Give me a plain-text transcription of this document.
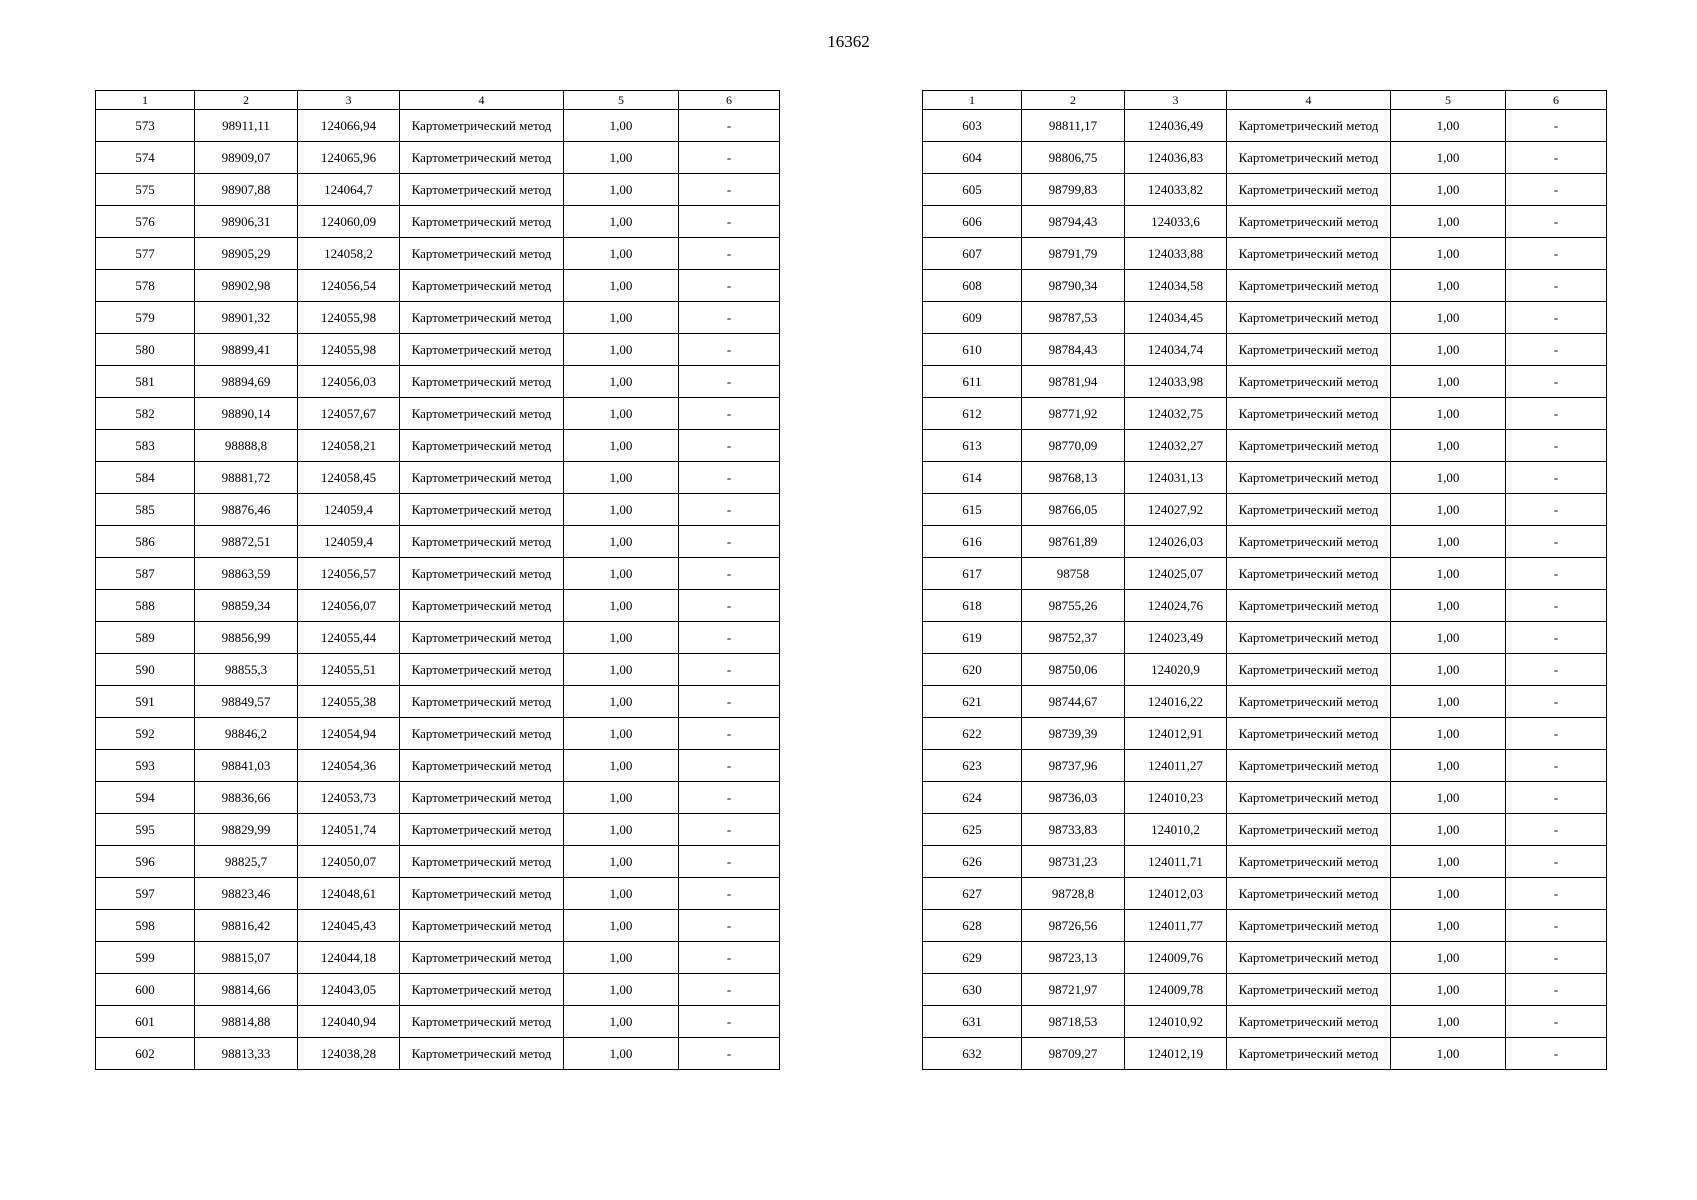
16362
1	2	3	4	5	6
573	98911,11	124066,94	Картометрический метод	1,00	-
574	98909,07	124065,96	Картометрический метод	1,00	-
575	98907,88	124064,7	Картометрический метод	1,00	-
576	98906,31	124060,09	Картометрический метод	1,00	-
577	98905,29	124058,2	Картометрический метод	1,00	-
578	98902,98	124056,54	Картометрический метод	1,00	-
579	98901,32	124055,98	Картометрический метод	1,00	-
580	98899,41	124055,98	Картометрический метод	1,00	-
581	98894,69	124056,03	Картометрический метод	1,00	-
582	98890,14	124057,67	Картометрический метод	1,00	-
583	98888,8	124058,21	Картометрический метод	1,00	-
584	98881,72	124058,45	Картометрический метод	1,00	-
585	98876,46	124059,4	Картометрический метод	1,00	-
586	98872,51	124059,4	Картометрический метод	1,00	-
587	98863,59	124056,57	Картометрический метод	1,00	-
588	98859,34	124056,07	Картометрический метод	1,00	-
589	98856,99	124055,44	Картометрический метод	1,00	-
590	98855,3	124055,51	Картометрический метод	1,00	-
591	98849,57	124055,38	Картометрический метод	1,00	-
592	98846,2	124054,94	Картометрический метод	1,00	-
593	98841,03	124054,36	Картометрический метод	1,00	-
594	98836,66	124053,73	Картометрический метод	1,00	-
595	98829,99	124051,74	Картометрический метод	1,00	-
596	98825,7	124050,07	Картометрический метод	1,00	-
597	98823,46	124048,61	Картометрический метод	1,00	-
598	98816,42	124045,43	Картометрический метод	1,00	-
599	98815,07	124044,18	Картометрический метод	1,00	-
600	98814,66	124043,05	Картометрический метод	1,00	-
601	98814,88	124040,94	Картометрический метод	1,00	-
602	98813,33	124038,28	Картометрический метод	1,00	-
1	2	3	4	5	6
603	98811,17	124036,49	Картометрический метод	1,00	-
604	98806,75	124036,83	Картометрический метод	1,00	-
605	98799,83	124033,82	Картометрический метод	1,00	-
606	98794,43	124033,6	Картометрический метод	1,00	-
607	98791,79	124033,88	Картометрический метод	1,00	-
608	98790,34	124034,58	Картометрический метод	1,00	-
609	98787,53	124034,45	Картометрический метод	1,00	-
610	98784,43	124034,74	Картометрический метод	1,00	-
611	98781,94	124033,98	Картометрический метод	1,00	-
612	98771,92	124032,75	Картометрический метод	1,00	-
613	98770,09	124032,27	Картометрический метод	1,00	-
614	98768,13	124031,13	Картометрический метод	1,00	-
615	98766,05	124027,92	Картометрический метод	1,00	-
616	98761,89	124026,03	Картометрический метод	1,00	-
617	98758	124025,07	Картометрический метод	1,00	-
618	98755,26	124024,76	Картометрический метод	1,00	-
619	98752,37	124023,49	Картометрический метод	1,00	-
620	98750,06	124020,9	Картометрический метод	1,00	-
621	98744,67	124016,22	Картометрический метод	1,00	-
622	98739,39	124012,91	Картометрический метод	1,00	-
623	98737,96	124011,27	Картометрический метод	1,00	-
624	98736,03	124010,23	Картометрический метод	1,00	-
625	98733,83	124010,2	Картометрический метод	1,00	-
626	98731,23	124011,71	Картометрический метод	1,00	-
627	98728,8	124012,03	Картометрический метод	1,00	-
628	98726,56	124011,77	Картометрический метод	1,00	-
629	98723,13	124009,76	Картометрический метод	1,00	-
630	98721,97	124009,78	Картометрический метод	1,00	-
631	98718,53	124010,92	Картометрический метод	1,00	-
632	98709,27	124012,19	Картометрический метод	1,00	-
